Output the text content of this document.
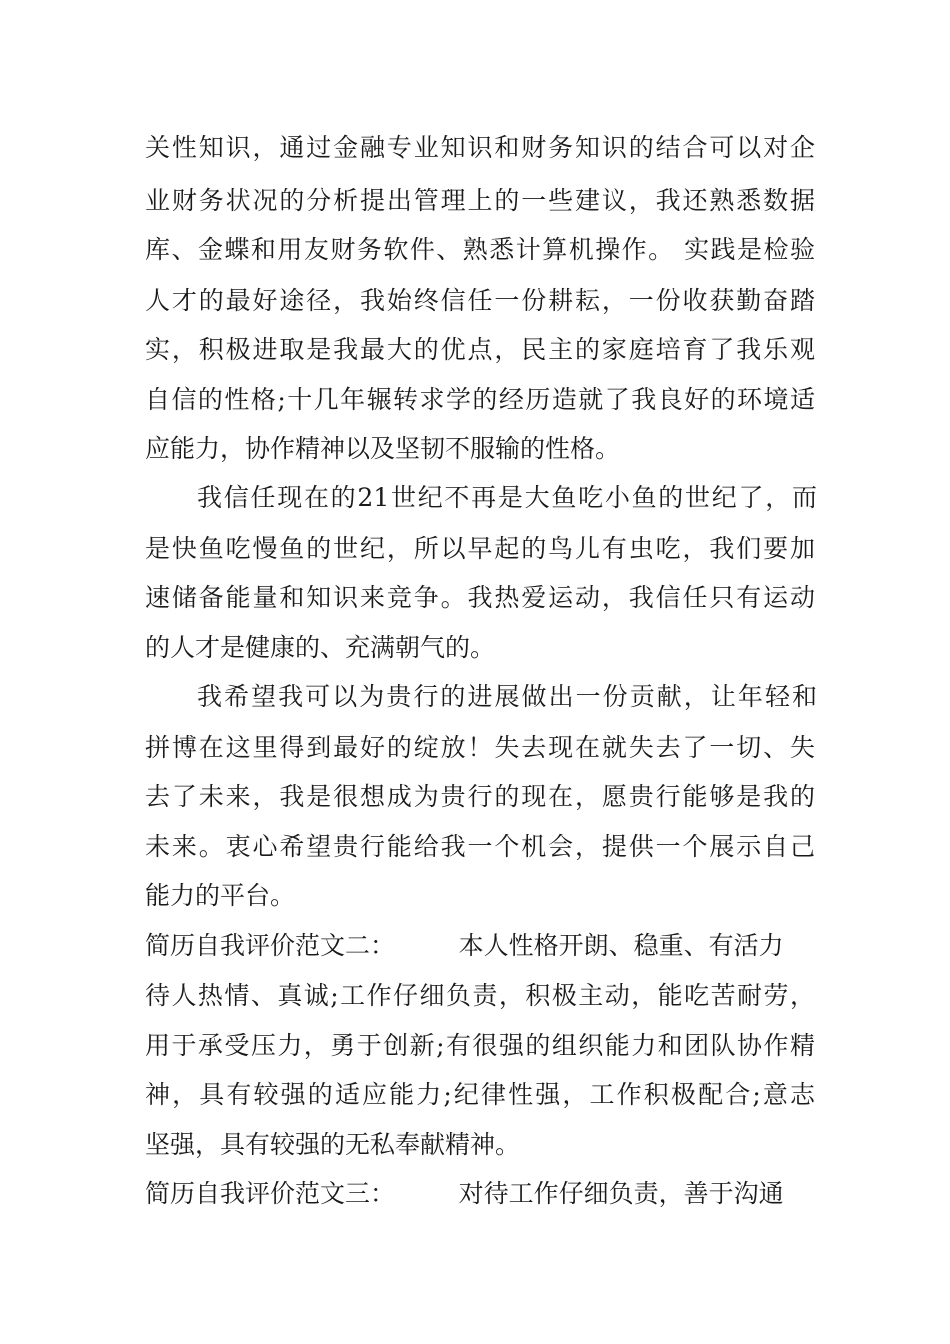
关性知识，通过金融专业知识和财务知识的结合可以对企
业财务状况的分析提出管理上的一些建议，我还熟悉数据
库、金蝶和用友财务软件、熟悉计算机操作。 实践是检验
人才的最好途径，我始终信任一份耕耘，一份收获勤奋踏
实，积极进取是我最大的优点，民主的家庭培育了我乐观
自信的性格;十几年辗转求学的经历造就了我良好的环境适
应能力，协作精神以及坚韧不服输的性格。
我信任现在的21世纪不再是大鱼吃小鱼的世纪了，而
是快鱼吃慢鱼的世纪，所以早起的鸟儿有虫吃，我们要加
速储备能量和知识来竞争。我热爱运动，我信任只有运动
的人才是健康的、充满朝气的。
我希望我可以为贵行的进展做出一份贡献，让年轻和
拼博在这里得到最好的绽放！失去现在就失去了一切、失
去了未来，我是很想成为贵行的现在，愿贵行能够是我的
未来。衷心希望贵行能给我一个机会，提供一个展示自己
能力的平台。
简历自我评价范文二：        本人性格开朗、稳重、有活力
待人热情、真诚;工作仔细负责，积极主动，能吃苦耐劳，
用于承受压力，勇于创新;有很强的组织能力和团队协作精
神，具有较强的适应能力;纪律性强，工作积极配合;意志
坚强，具有较强的无私奉献精神。
简历自我评价范文三：        对待工作仔细负责，善于沟通
